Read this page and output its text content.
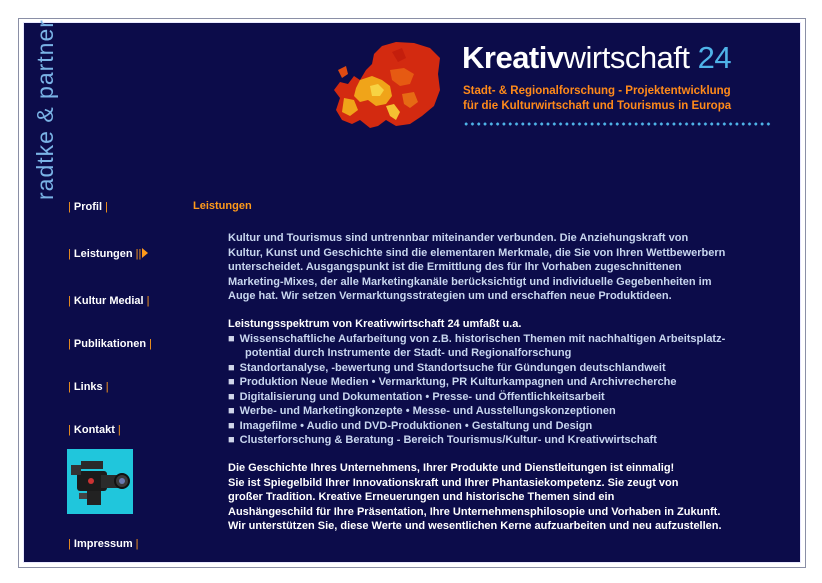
radtke & partner	Kreativwirtschaft 24
Stadt- & Regionalforschung - Projektentwicklung
für die Kulturwirtschaft und Tourismus in Europa
| Profil |
| Leistungen ||
| Kultur Medial |
| Publikationen |
| Links |
| Kontakt |
| Impressum |
Leistungen
Kultur und Tourismus sind untrennbar miteinander verbunden. Die Anziehungskraft von
Kultur, Kunst und Geschichte sind die elementaren Merkmale, die Sie von Ihren Wettbewerbern
unterscheidet. Ausgangspunkt ist die Ermittlung des für Ihr Vorhaben zugeschnittenen
Marketing-Mixes, der alle Marketingkanäle berücksichtigt und individuelle Gegebenheiten im
Auge hat. Wir setzen Vermarktungsstrategien um und erschaffen neue Produktideen.
Leistungsspektrum von Kreativwirtschaft 24 umfaßt u.a.
■ Wissenschaftliche Aufarbeitung von z.B. historischen Themen mit nachhaltigen Arbeitsplatz-
potential durch Instrumente der Stadt- und Regionalforschung
■ Standortanalyse, -bewertung und Standortsuche für Gündungen deutschlandweit
■ Produktion Neue Medien • Vermarktung, PR Kulturkampagnen und Archivrecherche
■ Digitalisierung und Dokumentation • Presse- und Öffentlichkeitsarbeit
■ Werbe- und Marketingkonzepte • Messe- und Ausstellungskonzeptionen
■ Imagefilme • Audio und DVD-Produktionen • Gestaltung und Design
■ Clusterforschung & Beratung - Bereich Tourismus/Kultur- und Kreativwirtschaft
Die Geschichte Ihres Unternehmens, Ihrer Produkte und Dienstleitungen ist einmalig!
Sie ist Spiegelbild Ihrer Innovationskraft und Ihrer Phantasiekompetenz. Sie zeugt von
großer Tradition. Kreative Erneuerungen und historische Themen sind ein
Aushängeschild für Ihre Präsentation, Ihre Unternehmensphilosopie und Vorhaben in Zukunft.
Wir unterstützen Sie, diese Werte und wesentlichen Kerne aufzuarbeiten und neu aufzustellen.
